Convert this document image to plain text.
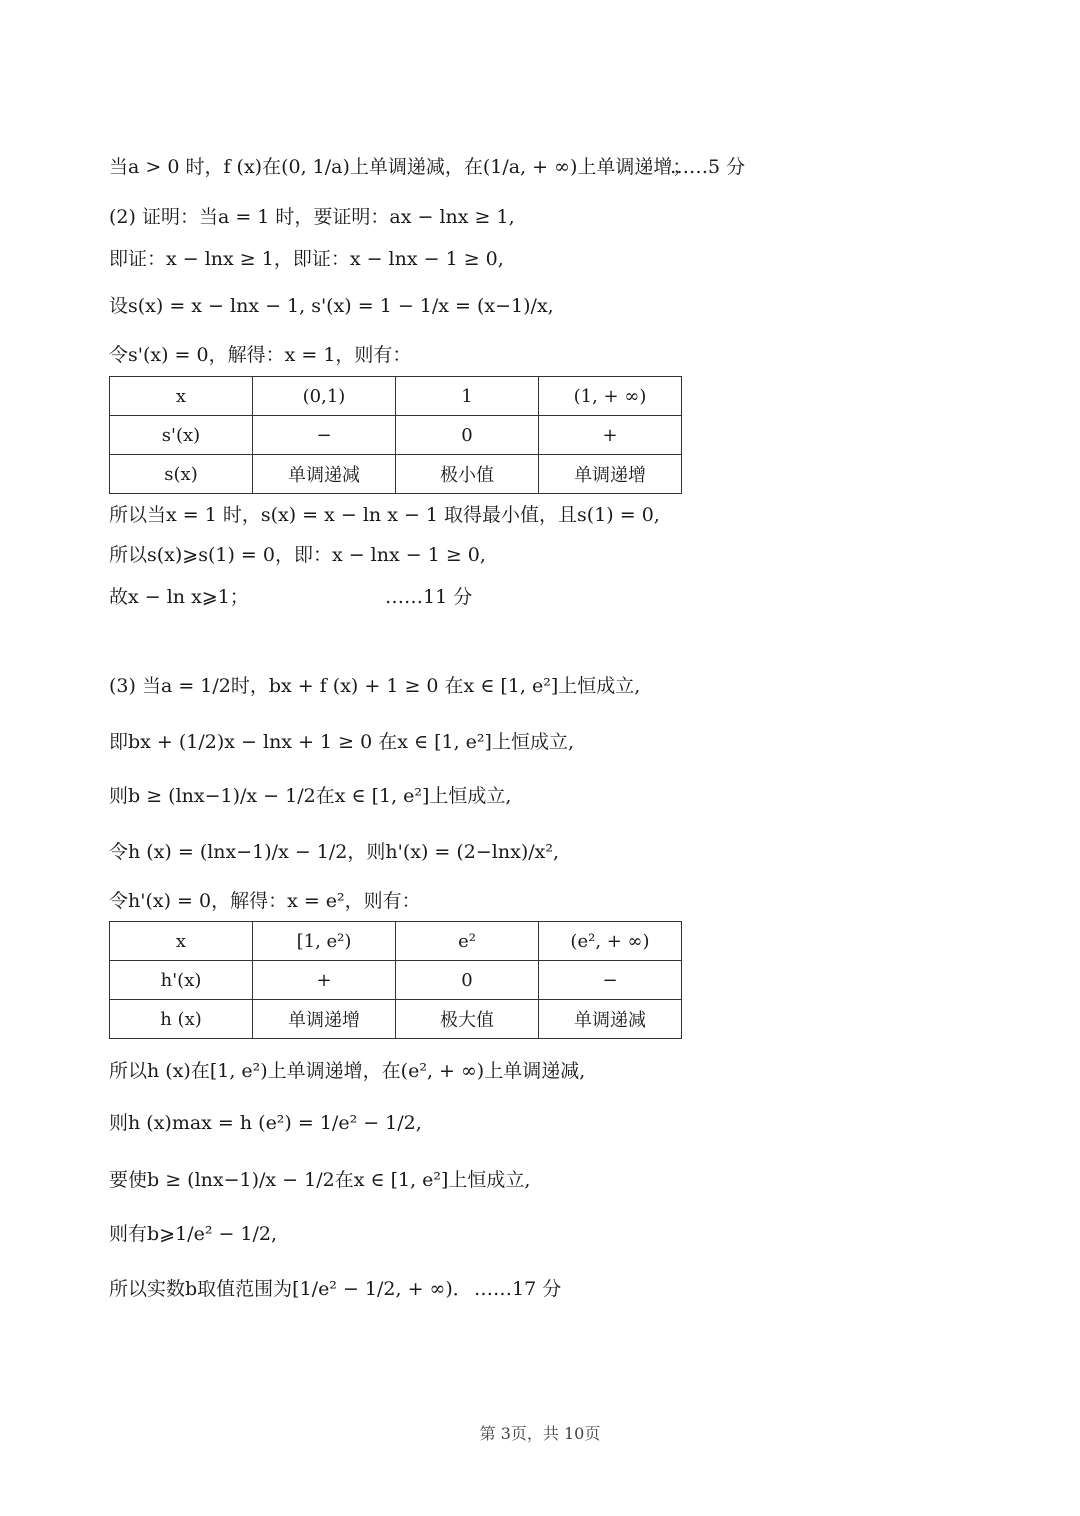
当a > 0 时，f (x)在(0, 1/a)上单调递减，在(1/a, + ∞)上单调递增；
……5 分
(2) 证明：当a = 1 时，要证明：ax − lnx ≥ 1,
即证：x − lnx ≥ 1，即证：x − lnx − 1 ≥ 0,
设s(x) = x − lnx − 1, s'(x) = 1 − 1/x = (x−1)/x,
令s'(x) = 0，解得：x = 1，则有：
x	(0,1)	1	(1, + ∞)
s'(x)	−	0	+
s(x)	单调递减	极小值	单调递增
所以当x = 1 时，s(x) = x − ln x − 1 取得最小值，且s(1) = 0,
所以s(x)⩾s(1) = 0，即：x − lnx − 1 ≥ 0,
故x − ln x⩾1；	……11 分
(3) 当a = 1/2时，bx + f (x) + 1 ≥ 0 在x ∈ [1, e²]上恒成立,
即bx + (1/2)x − lnx + 1 ≥ 0 在x ∈ [1, e²]上恒成立,
则b ≥ (lnx−1)/x − 1/2在x ∈ [1, e²]上恒成立,
令h (x) = (lnx−1)/x − 1/2，则h'(x) = (2−lnx)/x²,
令h'(x) = 0，解得：x = e²，则有：
x	[1, e²)	e²	(e², + ∞)
h'(x)	+	0	−
h (x)	单调递增	极大值	单调递减
所以h (x)在[1, e²)上单调递增，在(e², + ∞)上单调递减,
则h (x)max = h (e²) = 1/e² − 1/2,
要使b ≥ (lnx−1)/x − 1/2在x ∈ [1, e²]上恒成立,
则有b⩾1/e² − 1/2,
所以实数b取值范围为[1/e² − 1/2, + ∞)． ……17 分
第 3页，共 10页
